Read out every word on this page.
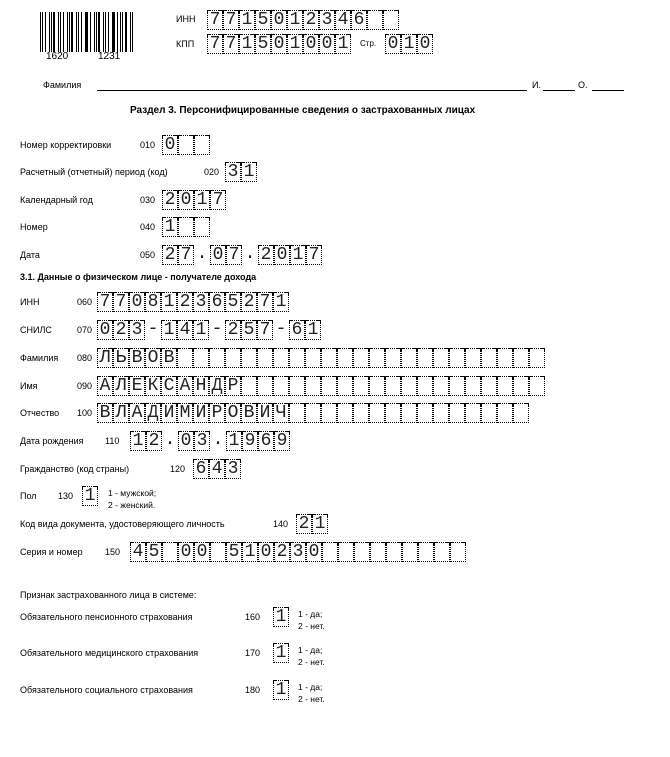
1620	1231
ИНН 7 7 1 5 0 1 2 3 4 6
КПП 7 7 1 5 0 1 0 0 1	Стр. 0 1 0
Фамилия	И.	О.
Раздел 3. Персонифицированные сведения о застрахованных лицах
Номер корректировки	010 0
Расчетный (отчетный) период (код)	020 3 1
Календарный год	030 2 0 1 7
Номер	040 1
Дата	050 2 7 . 0 7 . 2 0 1 7
3.1. Данные о физическом лице - получателе дохода
ИНН	060 7 7 0 8 1 2 3 6 5 2 7 1
СНИЛС	070 0 2 3 - 1 4 1 - 2 5 7 - 6 1
Фамилия 080 Л Ь В О В
Имя	090 А Л Е К С А Н Д Р
Отчество 100 В Л А Д И М И Р О В И Ч
Дата рождения 110 1 2 . 0 3 . 1 9 6 9
Гражданство (код страны)	120 6 4 3
Пол 130 1	1 - мужской;
2 - женский.
Код вида документа, удостоверяющего личность	140 2 1
Серия и номер 150 4 5 0 0 5 1 0 2 3 0
Признак застрахованного лица в системе:
Обязательного пенсионного страхования	160 1	1 - да;
2 - нет.
Обязательного медицинского страхования	170 1	1 - да;
2 - нет.
Обязательного социального страхования	180 1	1 - да;
2 - нет.
